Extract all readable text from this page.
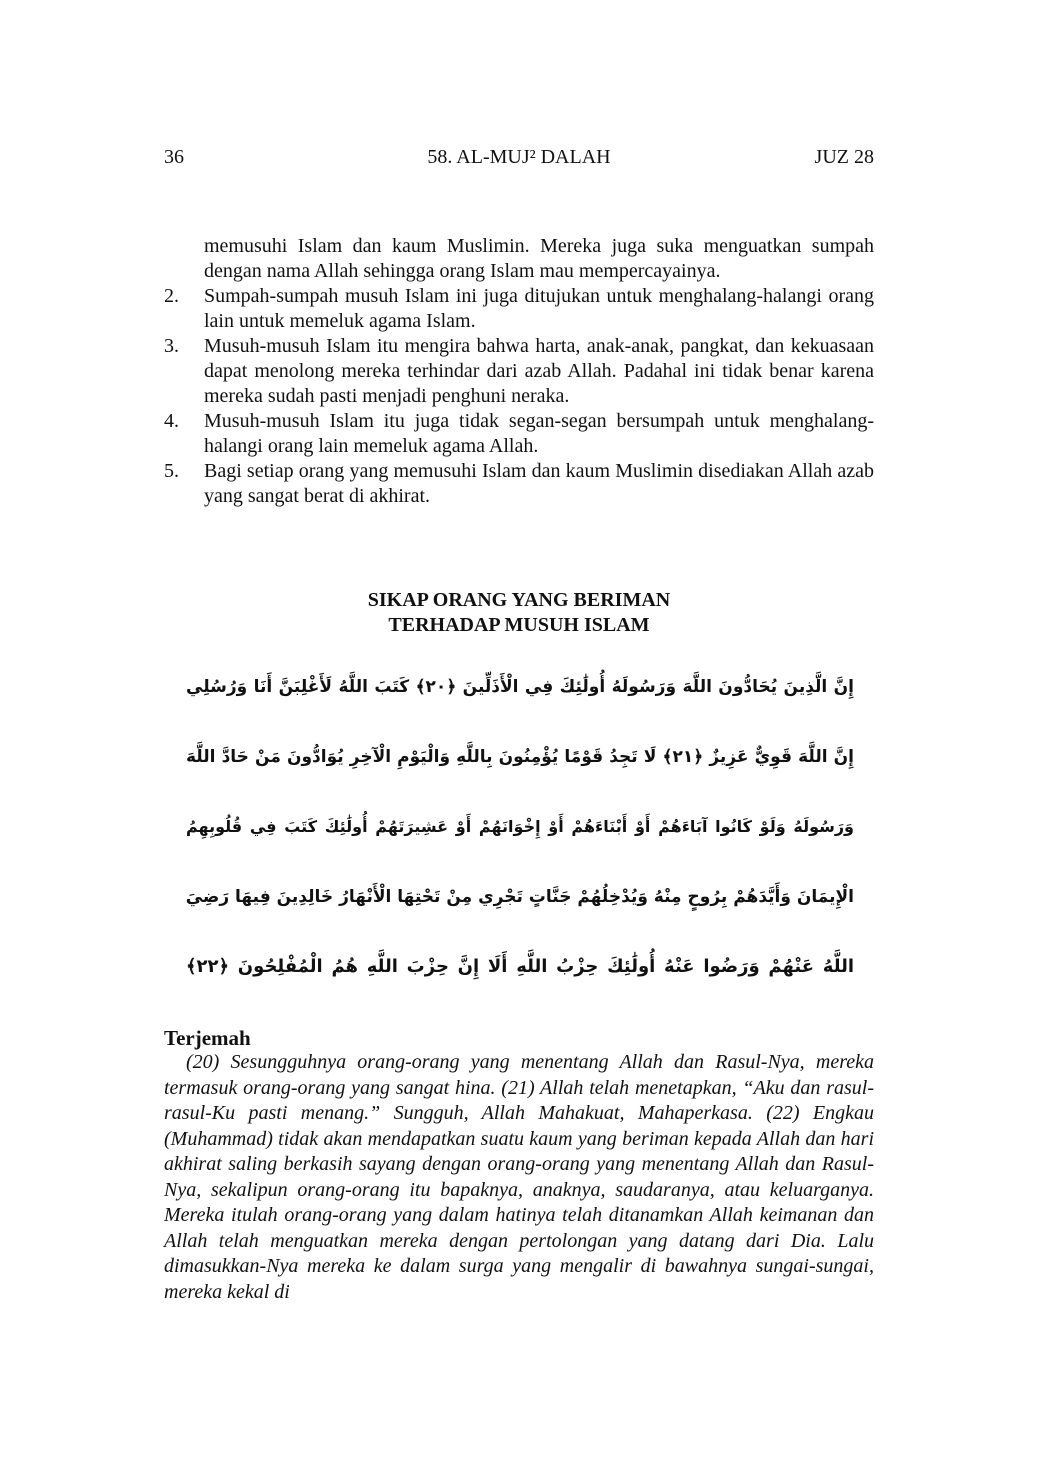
36	58. AL-MUJ² DALAH	JUZ 28
memusuhi Islam dan kaum Muslimin. Mereka juga suka menguatkan sumpah dengan nama Allah sehingga orang Islam mau mempercayainya.
2.	Sumpah-sumpah musuh Islam ini juga ditujukan untuk menghalang-halangi orang lain untuk memeluk agama Islam.
3.	Musuh-musuh Islam itu mengira bahwa harta, anak-anak, pangkat, dan kekuasaan dapat menolong mereka terhindar dari azab Allah. Padahal ini tidak benar karena mereka sudah pasti menjadi penghuni neraka.
4.	Musuh-musuh Islam itu juga tidak segan-segan bersumpah untuk menghalang-halangi orang lain memeluk agama Allah.
5.	Bagi setiap orang yang memusuhi Islam dan kaum Muslimin disediakan Allah azab yang sangat berat di akhirat.
SIKAP ORANG YANG BERIMAN
TERHADAP MUSUH ISLAM
إِنَّ الَّذِينَ يُحَادُّونَ اللَّهَ وَرَسُولَهُ أُولَٰئِكَ فِي الْأَذَلِّينَ ﴿٢٠﴾ كَتَبَ اللَّهُ لَأَغْلِبَنَّ أَنَا وَرُسُلِي
إِنَّ اللَّهَ قَوِيٌّ عَزِيزٌ ﴿٢١﴾ لَا تَجِدُ قَوْمًا يُؤْمِنُونَ بِاللَّهِ وَالْيَوْمِ الْآخِرِ يُوَادُّونَ مَنْ حَادَّ اللَّهَ
وَرَسُولَهُ وَلَوْ كَانُوا آبَاءَهُمْ أَوْ أَبْنَاءَهُمْ أَوْ إِخْوَانَهُمْ أَوْ عَشِيرَتَهُمْ أُولَٰئِكَ كَتَبَ فِي قُلُوبِهِمُ
الْإِيمَانَ وَأَيَّدَهُمْ بِرُوحٍ مِنْهُ وَيُدْخِلُهُمْ جَنَّاتٍ تَجْرِي مِنْ تَحْتِهَا الْأَنْهَارُ خَالِدِينَ فِيهَا رَضِيَ
اللَّهُ عَنْهُمْ وَرَضُوا عَنْهُ أُولَٰئِكَ حِزْبُ اللَّهِ أَلَا إِنَّ حِزْبَ اللَّهِ هُمُ الْمُفْلِحُونَ ﴿٢٢﴾
Terjemah
(20) Sesungguhnya orang-orang yang menentang Allah dan Rasul-Nya, mereka termasuk orang-orang yang sangat hina. (21) Allah telah menetapkan, “Aku dan rasul-rasul-Ku pasti menang.” Sungguh, Allah Mahakuat, Mahaperkasa. (22) Engkau (Muhammad) tidak akan mendapatkan suatu kaum yang beriman kepada Allah dan hari akhirat saling berkasih sayang dengan orang-orang yang menentang Allah dan Rasul-Nya, sekalipun orang-orang itu bapaknya, anaknya, saudaranya, atau keluarganya. Mereka itulah orang-orang yang dalam hatinya telah ditanamkan Allah keimanan dan Allah telah menguatkan mereka dengan pertolongan yang datang dari Dia. Lalu dimasukkan-Nya mereka ke dalam surga yang mengalir di bawahnya sungai-sungai, mereka kekal di
